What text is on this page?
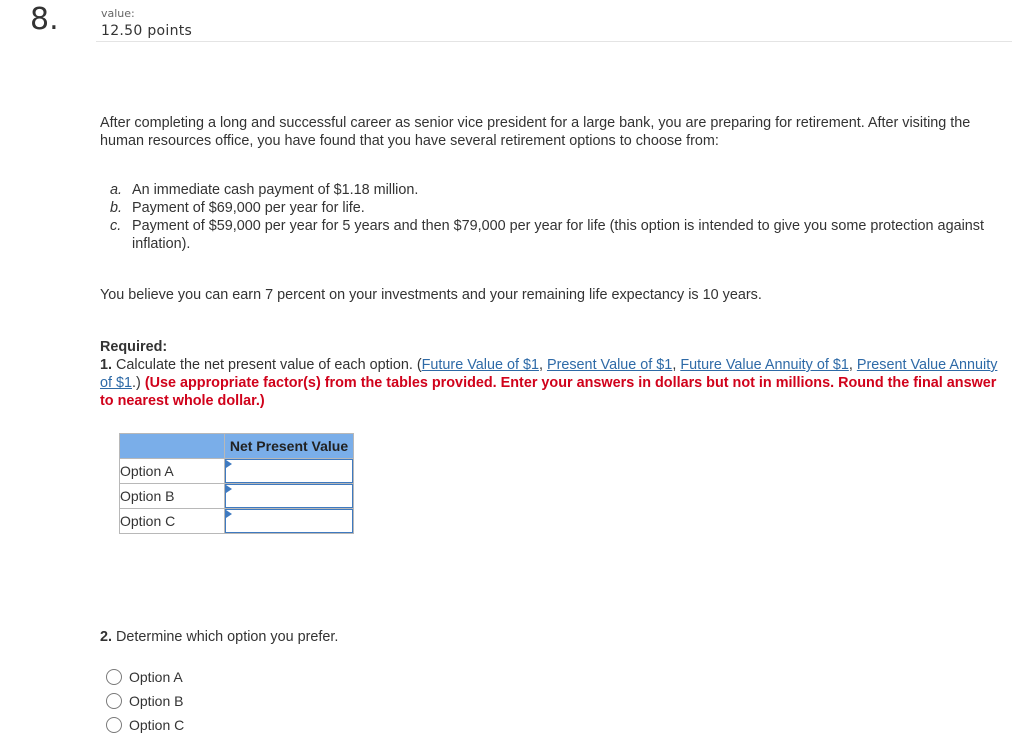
8.	value:
12.50 points
After completing a long and successful career as senior vice president for a large bank, you are preparing for retirement. After visiting the human resources office, you have found that you have several retirement options to choose from:
a. An immediate cash payment of $1.18 million.
b. Payment of $69,000 per year for life.
c. Payment of $59,000 per year for 5 years and then $79,000 per year for life (this option is intended to give you some protection against inflation).
You believe you can earn 7 percent on your investments and your remaining life expectancy is 10 years.
Required:
1. Calculate the net present value of each option. (Future Value of $1, Present Value of $1, Future Value Annuity of $1, Present Value Annuity of $1.) (Use appropriate factor(s) from the tables provided. Enter your answers in dollars but not in millions. Round the final answer to nearest whole dollar.)
	Net Present Value
Option A	

Option B	

Option C	
2. Determine which option you prefer.
Option A
Option B
Option C
